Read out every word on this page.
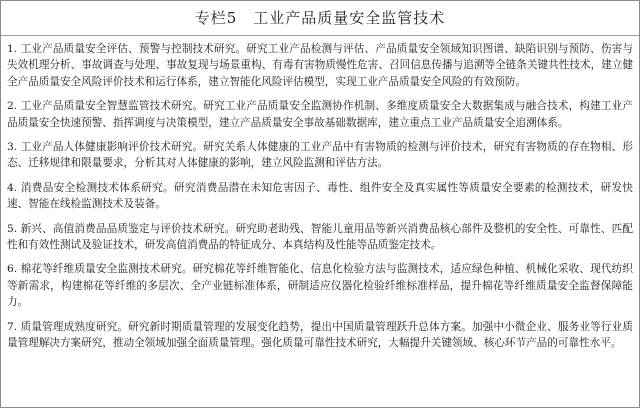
专栏5　工业产品质量安全监管技术

1. 工业产品质量安全评估、预警与控制技术研究。研究工业产品检测与评估、产品质量安全领域知识图谱、缺陷识别与预防、伤害与失效机理分析、事故调查与处理、事故复现与场景重构、有毒有害物质慢性危害、召回信息传播与追溯等全链条关键共性技术，建立健全产品质量安全风险评价技术和运行体系，建立智能化风险评估模型，实现工业产品质量安全风险的有效预防。

2. 工业产品质量安全智慧监管技术研究。研究工业产品质量安全监测协作机制、多维度质量安全大数据集成与融合技术，构建工业产品质量安全快速预警、指挥调度与决策模型，建立产品质量安全事故基础数据库，建立重点工业产品质量安全追溯体系。

3. 工业产品人体健康影响评价技术研究。研究关系人体健康的工业产品中有害物质的检测与评价技术，研究有害物质的存在物相、形态、迁移规律和限量要求，分析其对人体健康的影响，建立风险监测和评估方法。

4. 消费品安全检测技术体系研究。研究消费品潜在未知危害因子、毒性、组件安全及真实属性等质量安全要素的检测技术，研发快速、智能在线检监测技术及装备。

5. 新兴、高值消费品品质鉴定与评价技术研究。研究助老助残、智能儿童用品等新兴消费品核心部件及整机的安全性、可靠性、匹配性和有效性测试及验证技术，研发高值消费品的特征成分、本真结构及性能等品质鉴定技术。

6. 棉花等纤维质量安全监测技术研究。研究棉花等纤维智能化、信息化检验方法与监测技术，适应绿色种植、机械化采收、现代纺织等新需求，构建棉花等纤维的多层次、全产业链标准体系，研制适应仪器化检验纤维标准样品，提升棉花等纤维质量安全监督保障能力。

7. 质量管理成熟度研究。研究新时期质量管理的发展变化趋势，提出中国质量管理跃升总体方案。加强中小微企业、服务业等行业质量管理解决方案研究，推动全领域加强全面质量管理。强化质量可靠性技术研究，大幅提升关键领域、核心环节产品的可靠性水平。
